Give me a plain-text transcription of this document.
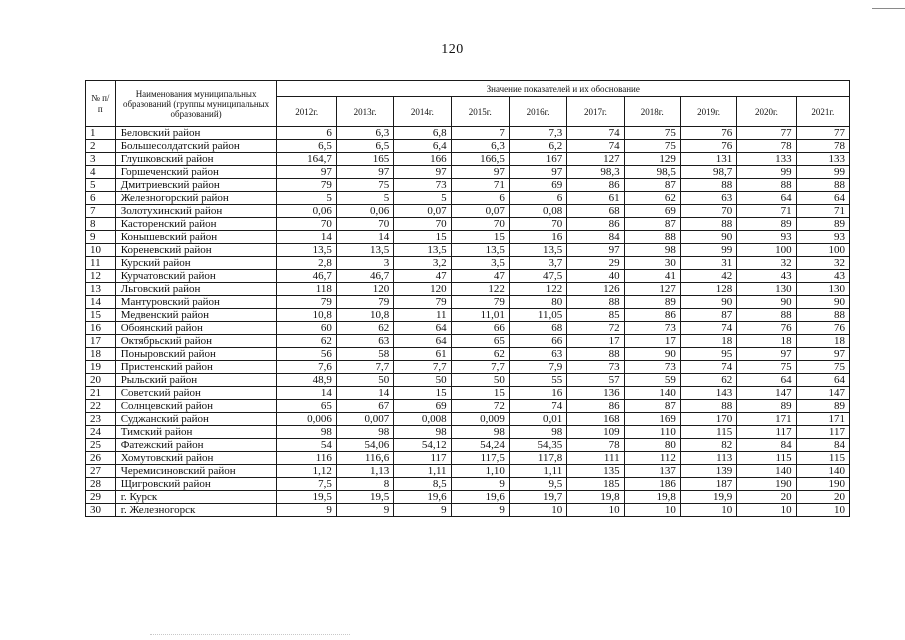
120
№ п/п	Наименования муниципальных образований (группы муниципальных образований)	Значение показателей и их обоснование									
		2012г.	2013г.	2014г.	2015г.	2016г.	2017г.	2018г.	2019г.	2020г.	2021г.
1	Беловский район	6	6,3	6,8	7	7,3	74	75	76	77	77
2	Большесолдатский район	6,5	6,5	6,4	6,3	6,2	74	75	76	78	78
3	Глушковский район	164,7	165	166	166,5	167	127	129	131	133	133
4	Горшеченский район	97	97	97	97	97	98,3	98,5	98,7	99	99
5	Дмитриевский район	79	75	73	71	69	86	87	88	88	88
6	Железногорский район	5	5	5	6	6	61	62	63	64	64
7	Золотухинский район	0,06	0,06	0,07	0,07	0,08	68	69	70	71	71
8	Касторенский район	70	70	70	70	70	86	87	88	89	89
9	Конышевский район	14	14	15	15	16	84	88	90	93	93
10	Кореневский район	13,5	13,5	13,5	13,5	13,5	97	98	99	100	100
11	Курский район	2,8	3	3,2	3,5	3,7	29	30	31	32	32
12	Курчатовский район	46,7	46,7	47	47	47,5	40	41	42	43	43
13	Льговский район	118	120	120	122	122	126	127	128	130	130
14	Мантуровский район	79	79	79	79	80	88	89	90	90	90
15	Медвенский район	10,8	10,8	11	11,01	11,05	85	86	87	88	88
16	Обоянский район	60	62	64	66	68	72	73	74	76	76
17	Октябрьский район	62	63	64	65	66	17	17	18	18	18
18	Поныровский район	56	58	61	62	63	88	90	95	97	97
19	Пристенский район	7,6	7,7	7,7	7,7	7,9	73	73	74	75	75
20	Рыльский район	48,9	50	50	50	55	57	59	62	64	64
21	Советский район	14	14	15	15	16	136	140	143	147	147
22	Солнцевский район	65	67	69	72	74	86	87	88	89	89
23	Суджанский район	0,006	0,007	0,008	0,009	0,01	168	169	170	171	171
24	Тимский район	98	98	98	98	98	109	110	115	117	117
25	Фатежский район	54	54,06	54,12	54,24	54,35	78	80	82	84	84
26	Хомутовский район	116	116,6	117	117,5	117,8	111	112	113	115	115
27	Черемисиновский район	1,12	1,13	1,11	1,10	1,11	135	137	139	140	140
28	Щигровский район	7,5	8	8,5	9	9,5	185	186	187	190	190
29	г. Курск	19,5	19,5	19,6	19,6	19,7	19,8	19,8	19,9	20	20
30	г. Железногорск	9	9	9	9	10	10	10	10	10	10
